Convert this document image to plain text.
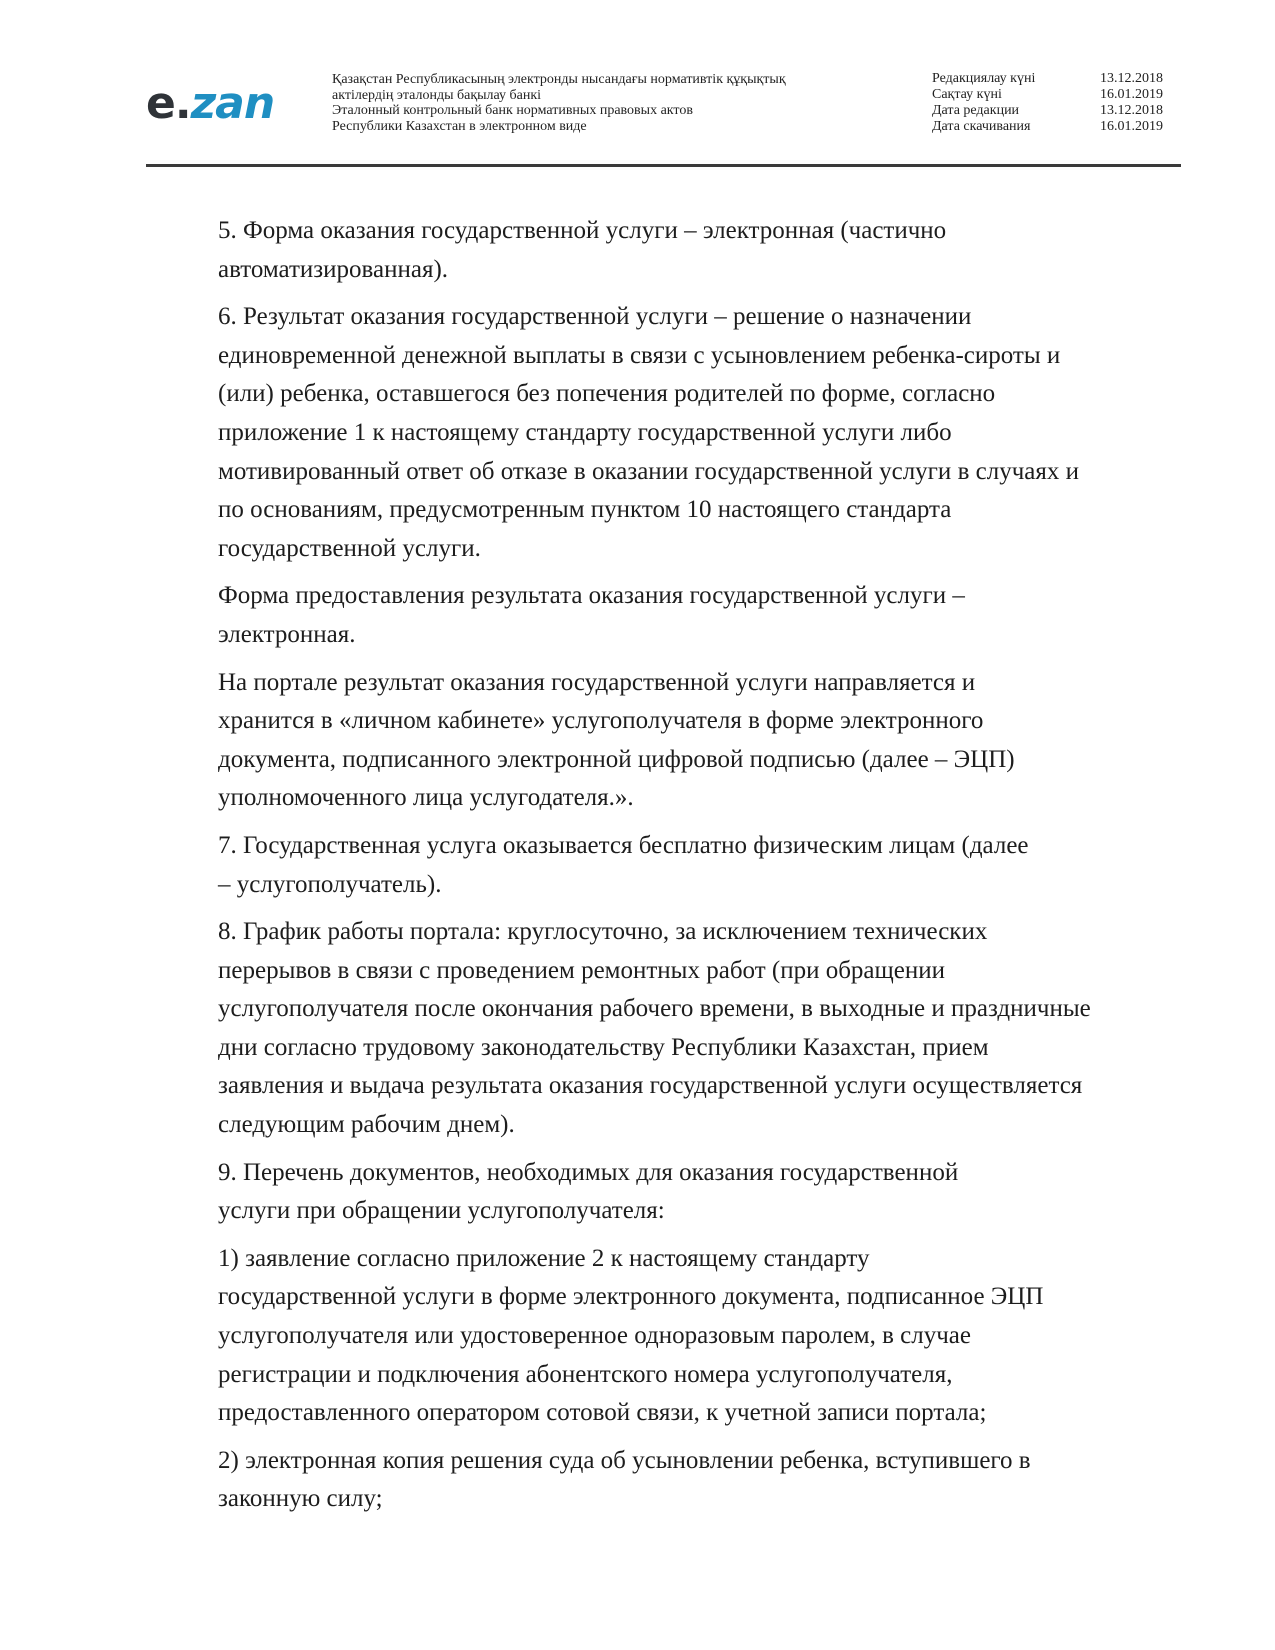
e.zan	Қазақстан Республикасының электронды нысандағы нормативтік құқықтық
актілердің эталонды бақылау банкі
Эталонный контрольный банк нормативных правовых актов
Республики Казахстан в электронном виде
Редакциялау күні	13.12.2018
Сақтау күні	16.01.2019
Дата редакции	13.12.2018
Дата скачивания	16.01.2019

5. Форма оказания государственной услуги – электронная (частично
автоматизированная).

6. Результат оказания государственной услуги – решение о назначении
единовременной денежной выплаты в связи с усыновлением ребенка-сироты и
(или) ребенка, оставшегося без попечения родителей по форме, согласно
приложение 1 к настоящему стандарту государственной услуги либо
мотивированный ответ об отказе в оказании государственной услуги в случаях и
по основаниям, предусмотренным пунктом 10 настоящего стандарта
государственной услуги.

Форма предоставления результата оказания государственной услуги –
электронная.

На портале результат оказания государственной услуги направляется и
хранится в «личном кабинете» услугополучателя в форме электронного
документа, подписанного электронной цифровой подписью (далее – ЭЦП)
уполномоченного лица услугодателя.».

7. Государственная услуга оказывается бесплатно физическим лицам (далее
– услугополучатель).

8. График работы портала: круглосуточно, за исключением технических
перерывов в связи с проведением ремонтных работ (при обращении
услугополучателя после окончания рабочего времени, в выходные и праздничные
дни согласно трудовому законодательству Республики Казахстан, прием
заявления и выдача результата оказания государственной услуги осуществляется
следующим рабочим днем).

9. Перечень документов, необходимых для оказания государственной
услуги при обращении услугополучателя:

1) заявление согласно приложение 2 к настоящему стандарту
государственной услуги в форме электронного документа, подписанное ЭЦП
услугополучателя или удостоверенное одноразовым паролем, в случае
регистрации и подключения абонентского номера услугополучателя,
предоставленного оператором сотовой связи, к учетной записи портала;

2) электронная копия решения суда об усыновлении ребенка, вступившего в
законную силу;
